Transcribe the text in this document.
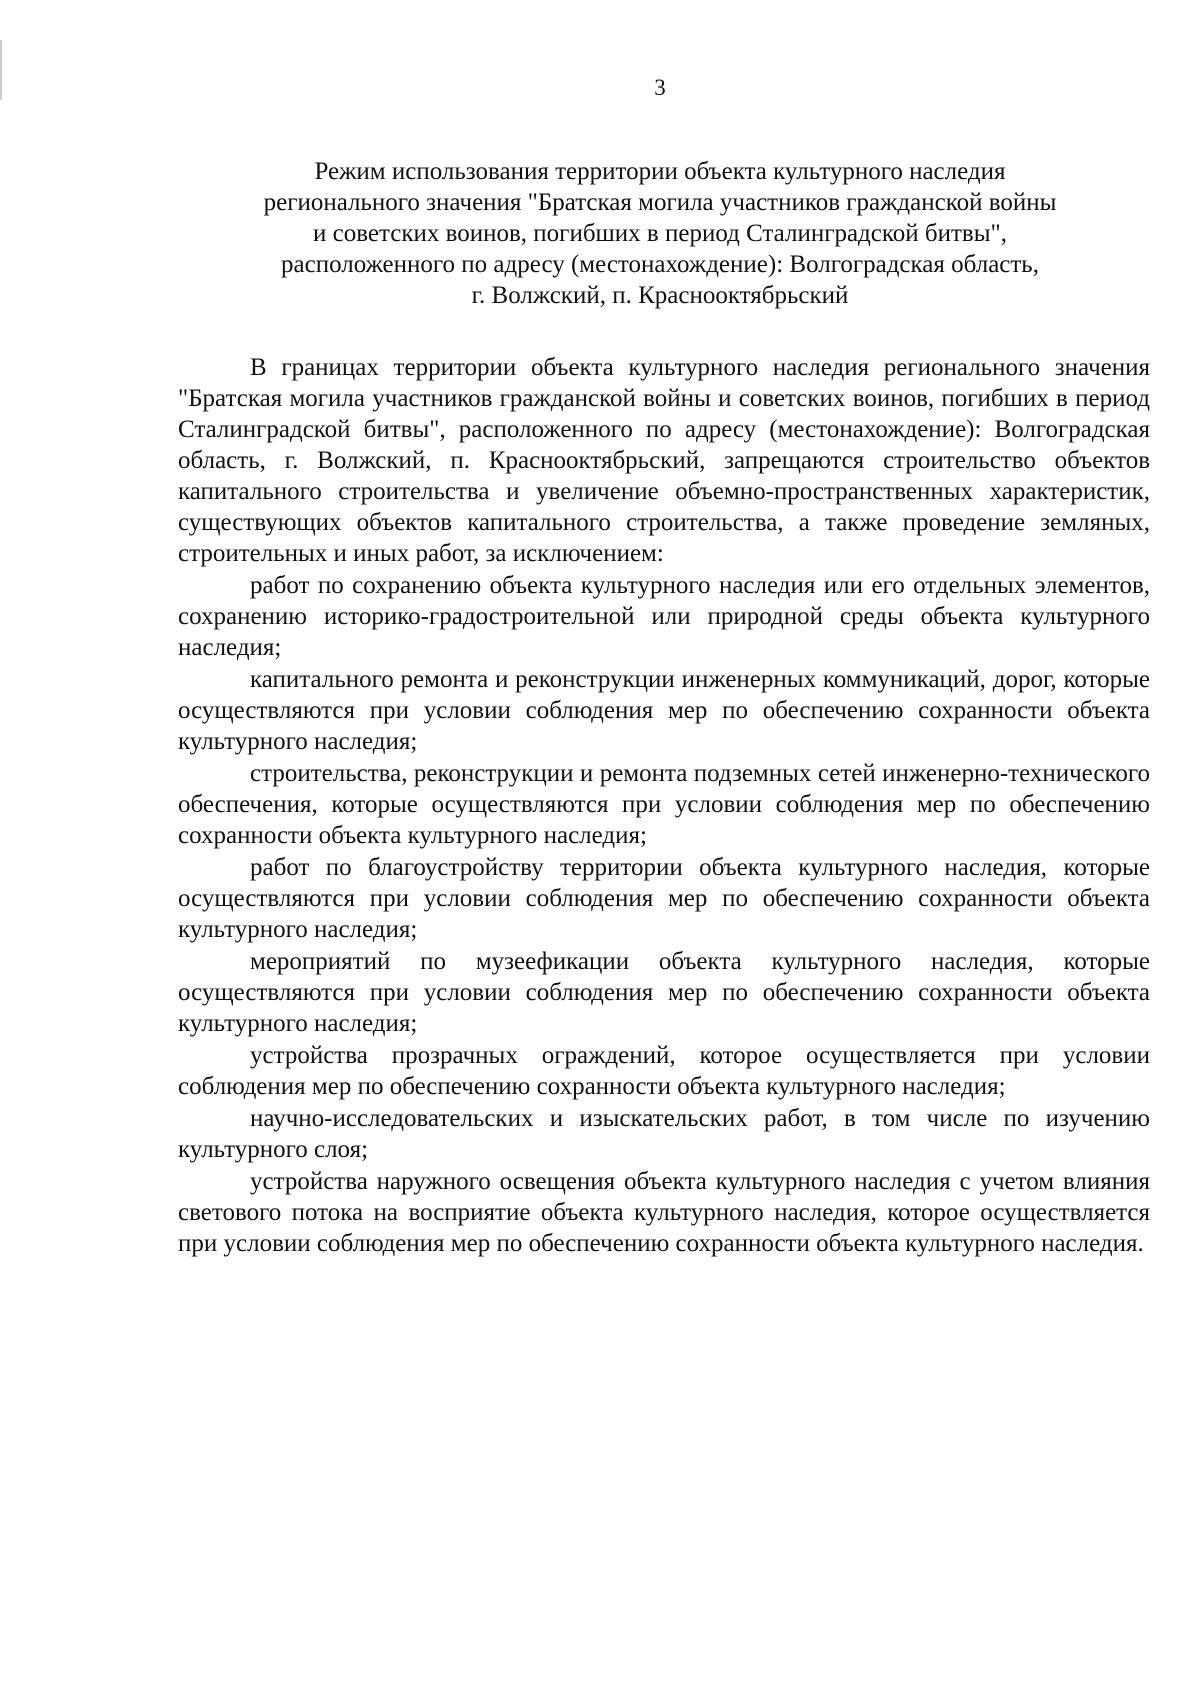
3
Режим использования территории объекта культурного наследия
регионального значения "Братская могила участников гражданской войны
и советских воинов, погибших в период Сталинградской битвы",
расположенного по адресу (местонахождение): Волгоградская область,
г. Волжский, п. Краснооктябрьский

В границах территории объекта культурного наследия регионального значения "Братская могила участников гражданской войны и советских воинов, погибших в период Сталинградской битвы", расположенного по адресу (местонахождение): Волгоградская область, г. Волжский, п. Краснооктябрьский, запрещаются строительство объектов капитального строительства и увеличение объемно-пространственных характеристик, существующих объектов капитального строительства, а также проведение земляных, строительных и иных работ, за исключением:

работ по сохранению объекта культурного наследия или его отдельных элементов, сохранению историко-градостроительной или природной среды объекта культурного наследия;

капитального ремонта и реконструкции инженерных коммуникаций, дорог, которые осуществляются при условии соблюдения мер по обеспечению сохранности объекта культурного наследия;

строительства, реконструкции и ремонта подземных сетей инженерно-технического обеспечения, которые осуществляются при условии соблюдения мер по обеспечению сохранности объекта культурного наследия;

работ по благоустройству территории объекта культурного наследия, которые осуществляются при условии соблюдения мер по обеспечению сохранности объекта культурного наследия;

мероприятий по музеефикации объекта культурного наследия, которые осуществляются при условии соблюдения мер по обеспечению сохранности объекта культурного наследия;

устройства прозрачных ограждений, которое осуществляется при условии соблюдения мер по обеспечению сохранности объекта культурного наследия;

научно-исследовательских и изыскательских работ, в том числе по изучению культурного слоя;

устройства наружного освещения объекта культурного наследия с учетом влияния светового потока на восприятие объекта культурного наследия, которое осуществляется при условии соблюдения мер по обеспечению сохранности объекта культурного наследия.
